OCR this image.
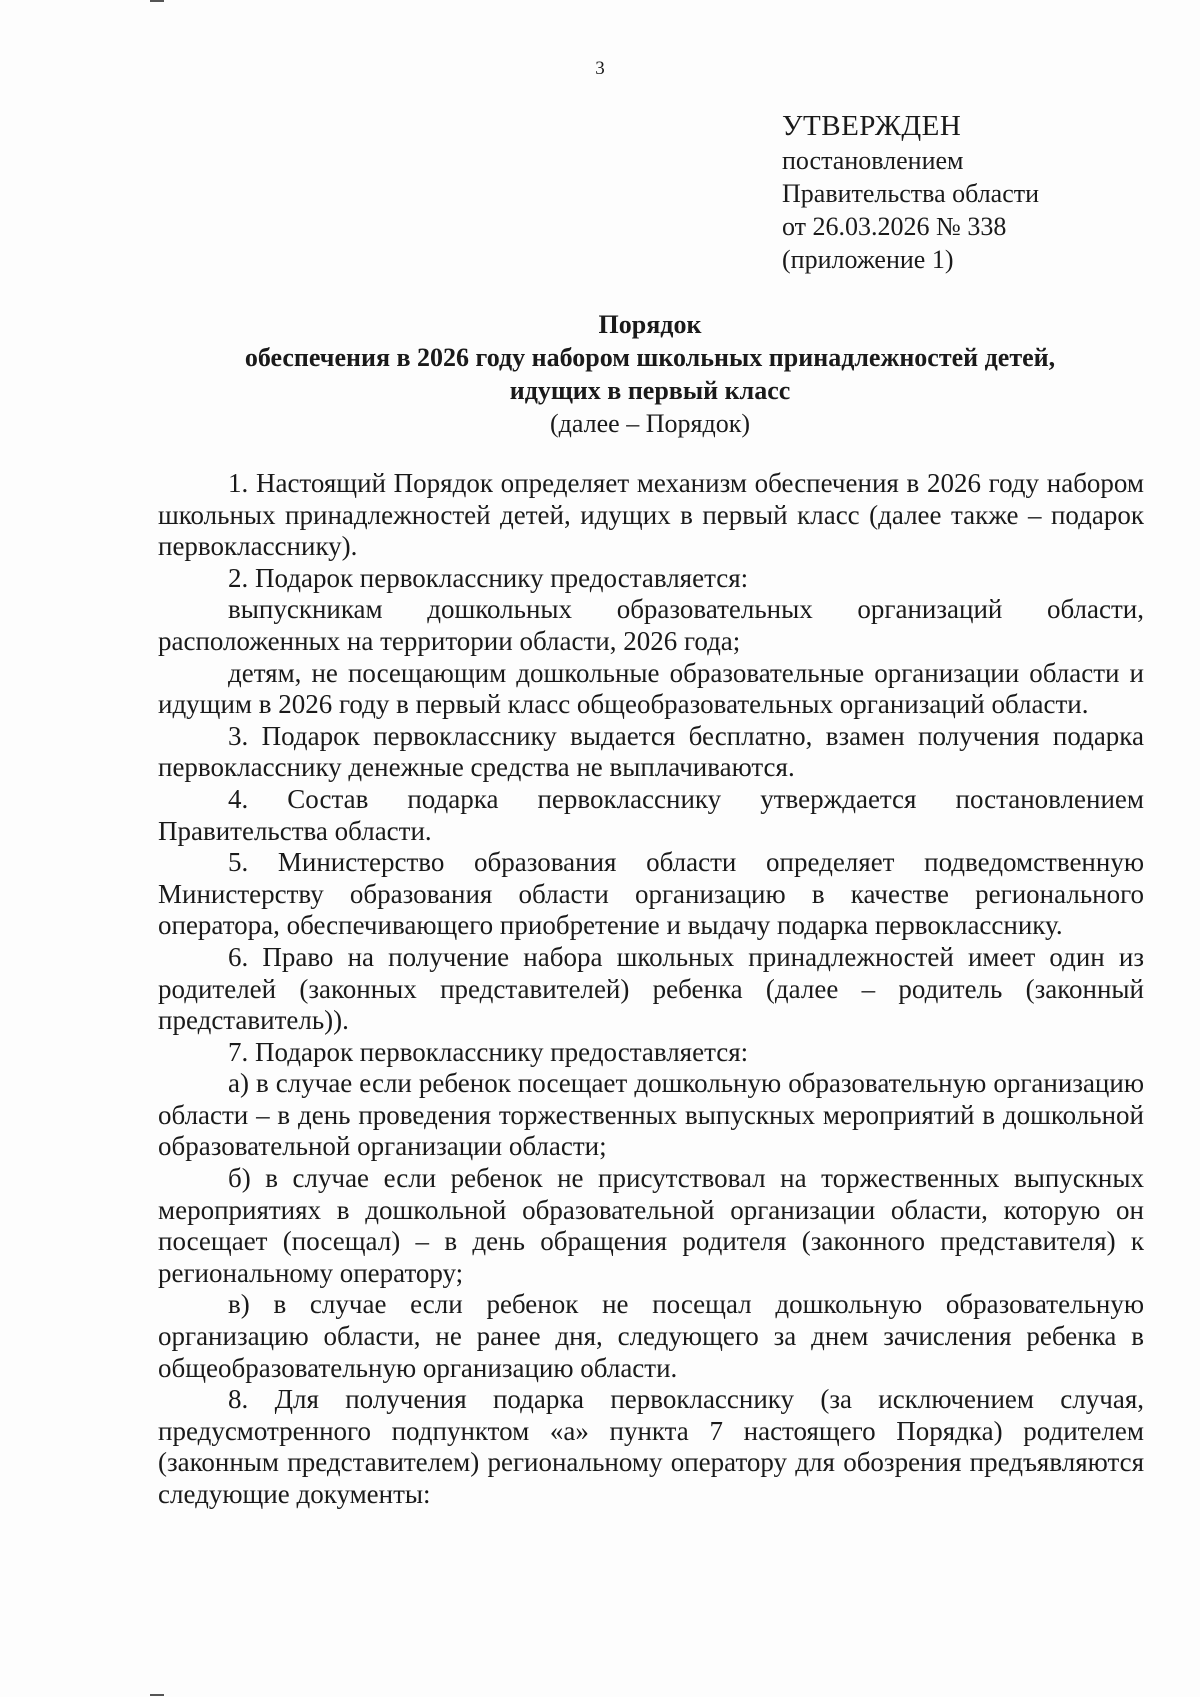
3
УТВЕРЖДЕН
постановлением
Правительства области
от 26.03.2026 № 338
(приложение 1)
Порядок
обеспечения в 2026 году набором школьных принадлежностей детей,
идущих в первый класс
(далее – Порядок)

1. Настоящий Порядок определяет механизм обеспечения в 2026 году набором школьных принадлежностей детей, идущих в первый класс (далее также – подарок первокласснику).

2. Подарок первокласснику предоставляется:

выпускникам дошкольных образовательных организаций области, расположенных на территории области, 2026 года;

детям, не посещающим дошкольные образовательные организации области и идущим в 2026 году в первый класс общеобразовательных организаций области.

3. Подарок первокласснику выдается бесплатно, взамен получения подарка первокласснику денежные средства не выплачиваются.

4. Состав подарка первокласснику утверждается постановлением Правительства области.

5. Министерство образования области определяет подведомственную Министерству образования области организацию в качестве регионального оператора, обеспечивающего приобретение и выдачу подарка первокласснику.

6. Право на получение набора школьных принадлежностей имеет один из родителей (законных представителей) ребенка (далее – родитель (законный представитель)).

7. Подарок первокласснику предоставляется:

а) в случае если ребенок посещает дошкольную образовательную организацию области – в день проведения торжественных выпускных мероприятий в дошкольной образовательной организации области;

б) в случае если ребенок не присутствовал на торжественных выпускных мероприятиях в дошкольной образовательной организации области, которую он посещает (посещал) – в день обращения родителя (законного представителя) к региональному оператору;

в) в случае если ребенок не посещал дошкольную образовательную организацию области, не ранее дня, следующего за днем зачисления ребенка в общеобразовательную организацию области.

8. Для получения подарка первокласснику (за исключением случая, предусмотренного подпунктом «а» пункта 7 настоящего Порядка) родителем (законным представителем) региональному оператору для обозрения предъявляются следующие документы:
